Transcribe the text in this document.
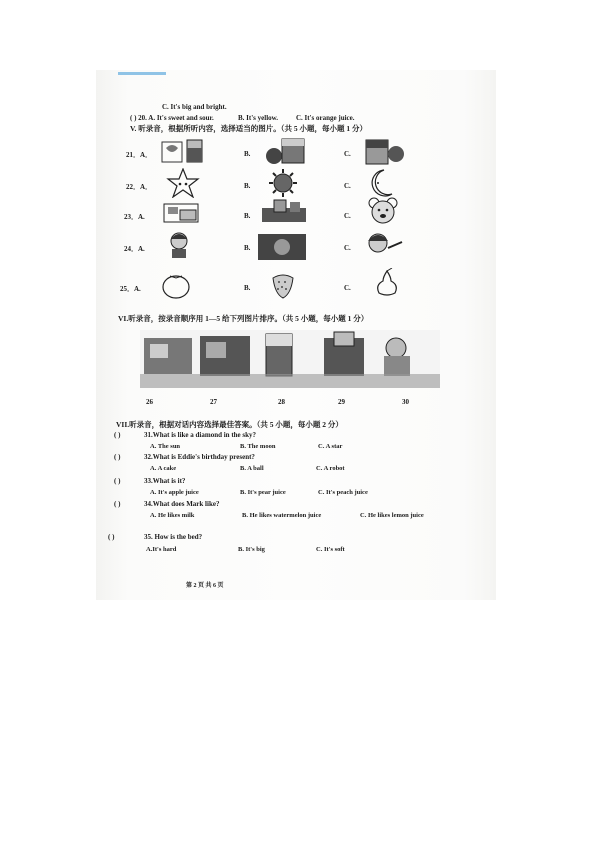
C. It's big and bright.
( ) 20. A. It's sweet and sour.	B. It's yellow.	C. It's orange juice.
V. 听录音，根据所听内容，选择适当的图片。（共 5 小题，每小题 1 分）
21．A．	B.	C.
22．A．	B.	C.
23．A.	B.	C.
24．A.	B.	C.
25．A.	B.	C.
VI.听录音，按录音顺序用 1—5 给下列图片排序。（共 5 小题，每小题 1 分）
26	27	28	29	30
VII.听录音，根据对话内容选择最佳答案。（共 5 小题，每小题 2 分）
( )	31.What is like a diamond in the sky?
A. The sun	B. The moon	C. A star
( )	32.What is Eddie's birthday present?
A. A cake	B. A ball	C. A robot
( )	33.What is it?
A. It's apple juice	B. It's pear juice	C. It's peach juice
( )	34.What does Mark like?
A. He likes milk	B. He likes watermelon juice	C. He likes lemon juice
( )	35. How is the bed?
A.It's hard	B. It's big	C. It's soft
第 2 页 共 6 页
